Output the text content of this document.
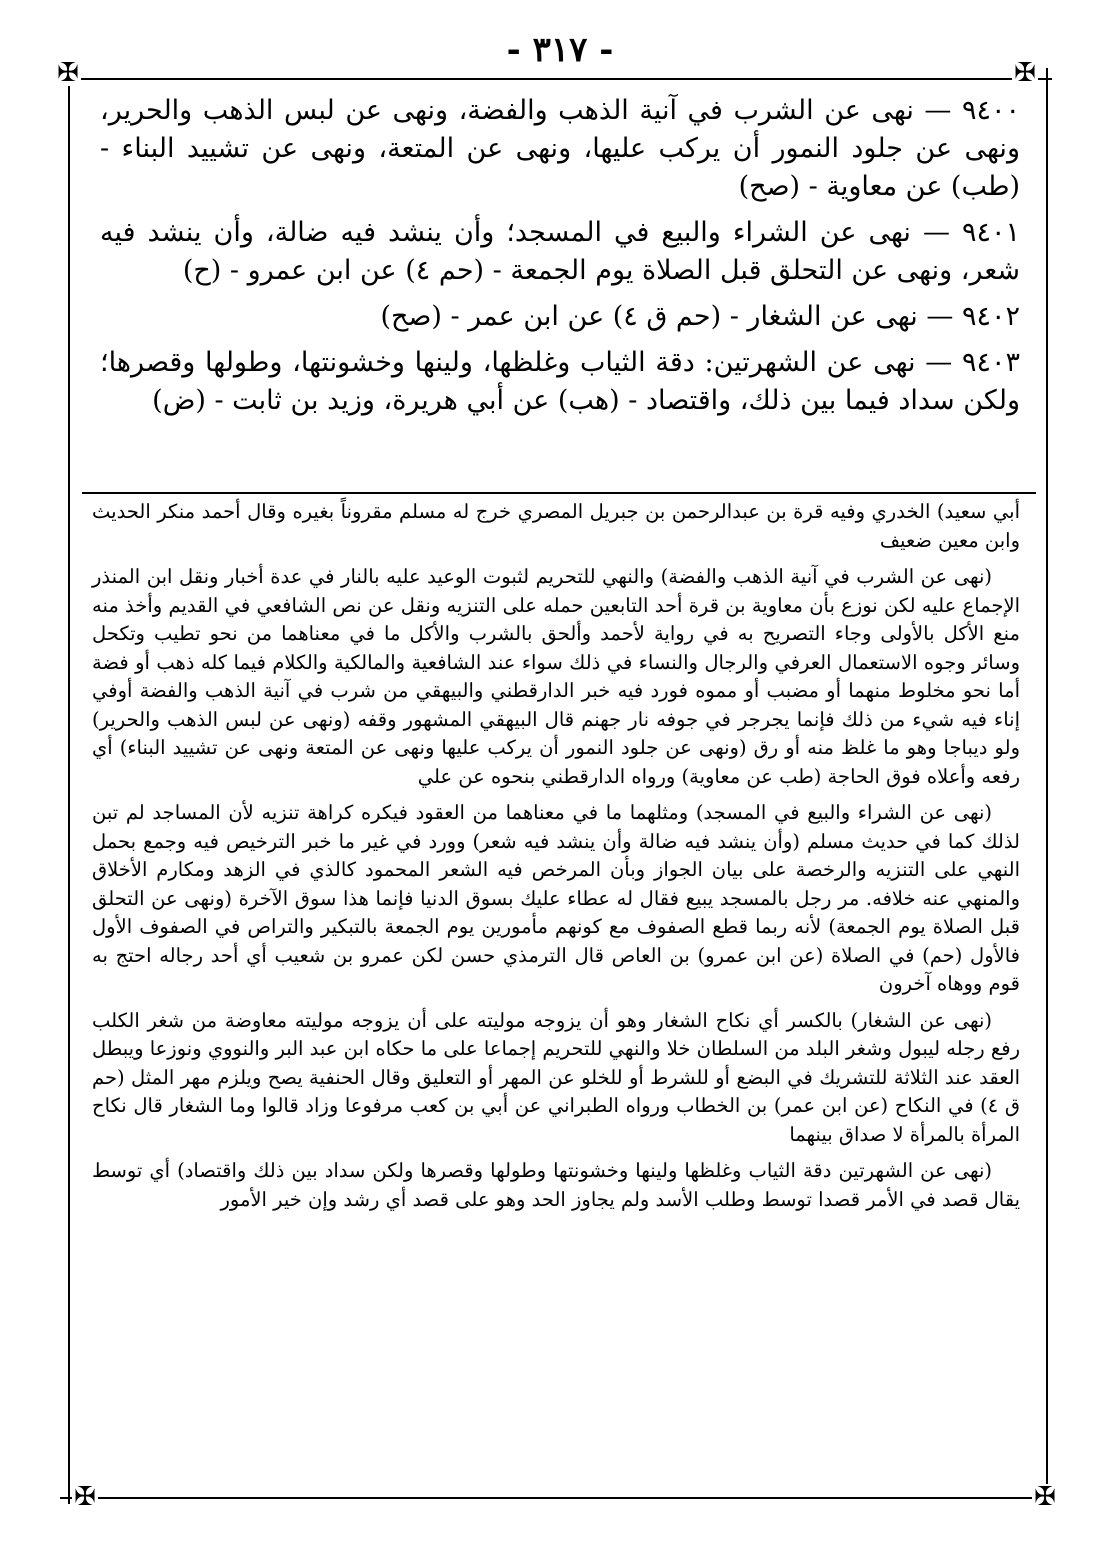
- ٣١٧ -
✠	✠
✠	✠

٩٤٠٠ — نهى عن الشرب في آنية الذهب والفضة، ونهى عن لبس الذهب والحرير، ونهى عن جلود النمور أن يركب عليها، ونهى عن المتعة، ونهى عن تشييد البناء - (طب) عن معاوية - (صح)

٩٤٠١ — نهى عن الشراء والبيع في المسجد؛ وأن ينشد فيه ضالة، وأن ينشد فيه شعر، ونهى عن التحلق قبل الصلاة يوم الجمعة - (حم ٤) عن ابن عمرو - (ح)

٩٤٠٢ — نهى عن الشغار - (حم ق ٤) عن ابن عمر - (صح)

٩٤٠٣ — نهى عن الشهرتين: دقة الثياب وغلظها، ولينها وخشونتها، وطولها وقصرها؛ ولكن سداد فيما بين ذلك، واقتصاد - (هب) عن أبي هريرة، وزيد بن ثابت - (ض)

أبي سعيد) الخدري وفيه قرة بن عبدالرحمن بن جبريل المصري خرج له مسلم مقروناً بغيره وقال أحمد منكر الحديث وابن معين ضعيف

(نهى عن الشرب في آنية الذهب والفضة) والنهي للتحريم لثبوت الوعيد عليه بالنار في عدة أخبار ونقل ابن المنذر الإجماع عليه لكن نوزع بأن معاوية بن قرة أحد التابعين حمله على التنزيه ونقل عن نص الشافعي في القديم وأخذ منه منع الأكل بالأولى وجاء التصريح به في رواية لأحمد وألحق بالشرب والأكل ما في معناهما من نحو تطيب وتكحل وسائر وجوه الاستعمال العرفي والرجال والنساء في ذلك سواء عند الشافعية والمالكية والكلام فيما كله ذهب أو فضة أما نحو مخلوط منهما أو مضبب أو مموه فورد فيه خبر الدارقطني والبيهقي من شرب في آنية الذهب والفضة أوفي إناء فيه شيء من ذلك فإنما يجرجر في جوفه نار جهنم قال البيهقي المشهور وقفه (ونهى عن لبس الذهب والحرير) ولو ديباجا وهو ما غلظ منه أو رق (ونهى عن جلود النمور أن يركب عليها ونهى عن المتعة ونهى عن تشييد البناء) أي رفعه وأعلاه فوق الحاجة (طب عن معاوية) ورواه الدارقطني بنحوه عن علي

(نهى عن الشراء والبيع في المسجد) ومثلهما ما في معناهما من العقود فيكره كراهة تنزيه لأن المساجد لم تبن لذلك كما في حديث مسلم (وأن ينشد فيه ضالة وأن ينشد فيه شعر) وورد في غير ما خبر الترخيص فيه وجمع بحمل النهي على التنزيه والرخصة على بيان الجواز وبأن المرخص فيه الشعر المحمود كالذي في الزهد ومكارم الأخلاق والمنهي عنه خلافه. مر رجل بالمسجد يبيع فقال له عطاء عليك بسوق الدنيا فإنما هذا سوق الآخرة (ونهى عن التحلق قبل الصلاة يوم الجمعة) لأنه ربما قطع الصفوف مع كونهم مأمورين يوم الجمعة بالتبكير والتراص في الصفوف الأول فالأول (حم) في الصلاة (عن ابن عمرو) بن العاص قال الترمذي حسن لكن عمرو بن شعيب أي أحد رجاله احتج به قوم ووهاه آخرون

(نهى عن الشغار) بالكسر أي نكاح الشغار وهو أن يزوجه موليته على أن يزوجه موليته معاوضة من شغر الكلب رفع رجله ليبول وشغر البلد من السلطان خلا والنهي للتحريم إجماعا على ما حكاه ابن عبد البر والنووي ونوزعا ويبطل العقد عند الثلاثة للتشريك في البضع أو للشرط أو للخلو عن المهر أو التعليق وقال الحنفية يصح ويلزم مهر المثل (حم ق ٤) في النكاح (عن ابن عمر) بن الخطاب ورواه الطبراني عن أبي بن كعب مرفوعا وزاد قالوا وما الشغار قال نكاح المرأة بالمرأة لا صداق بينهما

(نهى عن الشهرتين دقة الثياب وغلظها ولينها وخشونتها وطولها وقصرها ولكن سداد بين ذلك واقتصاد) أي توسط يقال قصد في الأمر قصدا توسط وطلب الأسد ولم يجاوز الحد وهو على قصد أي رشد وإن خير الأمور
